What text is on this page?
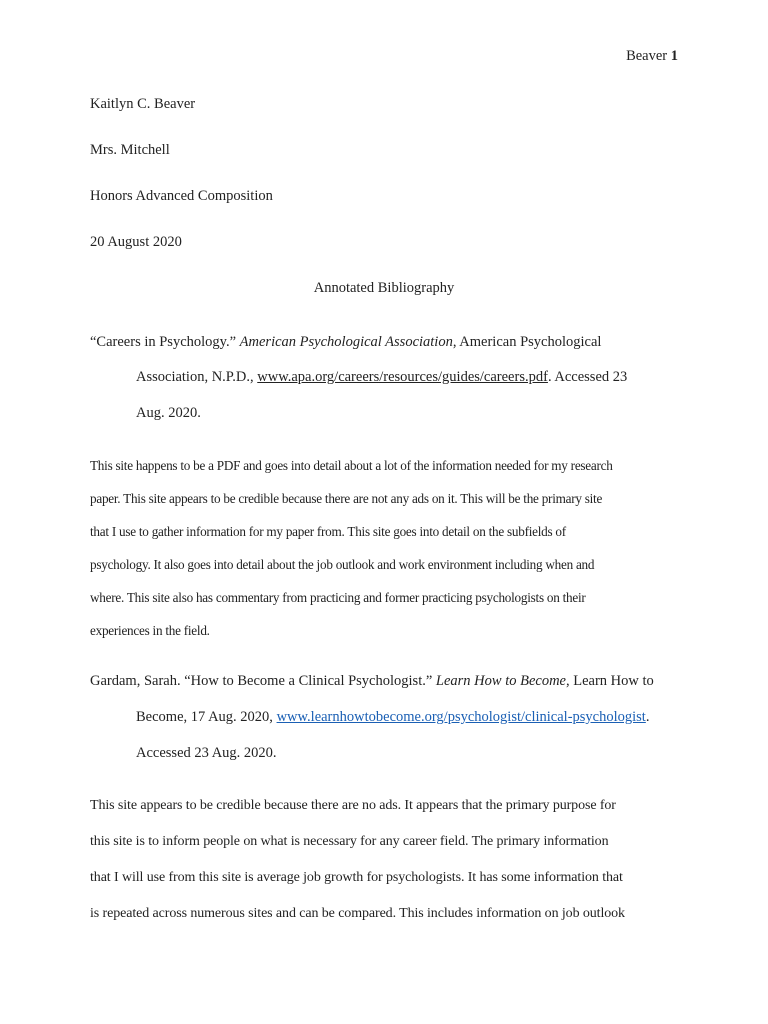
Beaver 1
Kaitlyn C. Beaver
Mrs. Mitchell
Honors Advanced Composition
20 August 2020
Annotated Bibliography
“Careers in Psychology.” American Psychological Association, American Psychological
Association, N.P.D., www.apa.org/careers/resources/guides/careers.pdf. Accessed 23
Aug. 2020.
This site happens to be a PDF and goes into detail about a lot of the information needed for my research
paper. This site appears to be credible because there are not any ads on it. This will be the primary site
that I use to gather information for my paper from. This site goes into detail on the subfields of
psychology. It also goes into detail about the job outlook and work environment including when and
where. This site also has commentary from practicing and former practicing psychologists on their
experiences in the field.
Gardam, Sarah. “How to Become a Clinical Psychologist.” Learn How to Become, Learn How to
Become, 17 Aug. 2020, www.learnhowtobecome.org/psychologist/clinical-psychologist.
Accessed 23 Aug. 2020.
This site appears to be credible because there are no ads. It appears that the primary purpose for
this site is to inform people on what is necessary for any career field. The primary information
that I will use from this site is average job growth for psychologists. It has some information that
is repeated across numerous sites and can be compared. This includes information on job outlook
